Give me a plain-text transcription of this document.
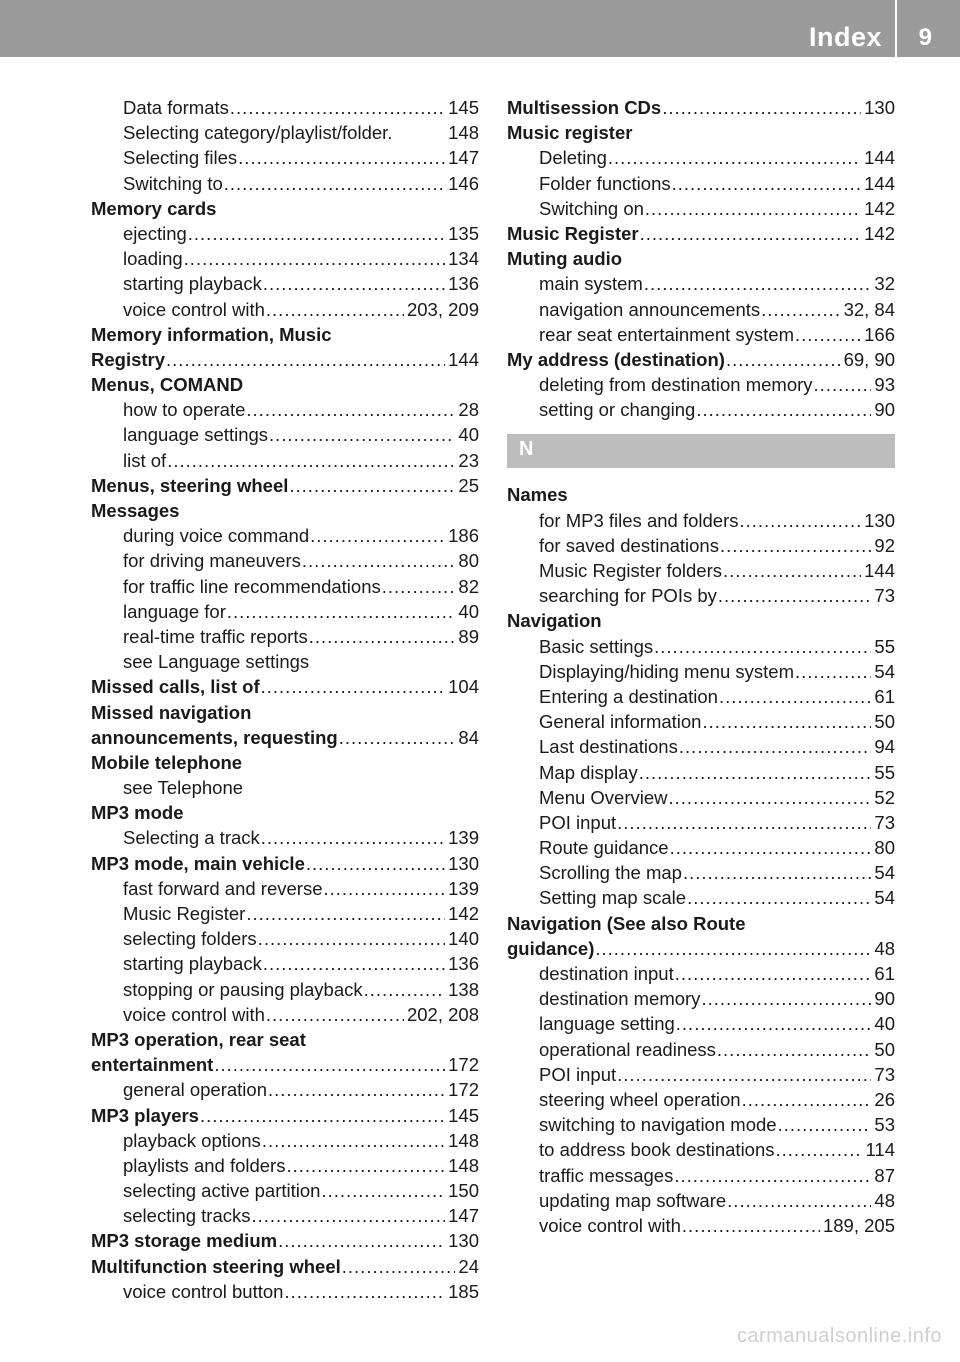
Index 9
Data formats .....	145
Selecting category/playlist/folder.	148
Selecting files .....	147
Switching to .....	146
Memory cards
ejecting .....	135
loading .....	134
starting playback .....	136
voice control with .....	203, 209
Memory information, Music
Registry .....	144
Menus, COMAND
how to operate .....	28
language settings .....	40
list of .....	23
Menus, steering wheel .....	25
Messages
during voice command .....	186
for driving maneuvers .....	80
for traffic line recommendations .....	82
language for .....	40
real-time traffic reports .....	89
see Language settings
Missed calls, list of .....	104
Missed navigation
announcements, requesting .....	84
Mobile telephone
see Telephone
MP3 mode
Selecting a track .....	139
MP3 mode, main vehicle .....	130
fast forward and reverse .....	139
Music Register .....	142
selecting folders .....	140
starting playback .....	136
stopping or pausing playback .....	138
voice control with .....	202, 208
MP3 operation, rear seat
entertainment .....	172
general operation .....	172
MP3 players .....	145
playback options .....	148
playlists and folders .....	148
selecting active partition .....	150
selecting tracks .....	147
MP3 storage medium .....	130
Multifunction steering wheel .....	24
voice control button .....	185
Multisession CDs .....	130
Music register
Deleting .....	144
Folder functions .....	144
Switching on .....	142
Music Register .....	142
Muting audio
main system .....	32
navigation announcements .....	32, 84
rear seat entertainment system .....	166
My address (destination) .....	69, 90
deleting from destination memory .....	93
setting or changing .....	90
N
Names
for MP3 files and folders .....	130
for saved destinations .....	92
Music Register folders .....	144
searching for POIs by .....	73
Navigation
Basic settings .....	55
Displaying/hiding menu system .....	54
Entering a destination .....	61
General information .....	50
Last destinations .....	94
Map display .....	55
Menu Overview .....	52
POI input .....	73
Route guidance .....	80
Scrolling the map .....	54
Setting map scale .....	54
Navigation (See also Route
guidance) .....	48
destination input .....	61
destination memory .....	90
language setting .....	40
operational readiness .....	50
POI input .....	73
steering wheel operation .....	26
switching to navigation mode .....	53
to address book destinations .....	114
traffic messages .....	87
updating map software .....	48
voice control with .....	189, 205
carmanualsonline.info
